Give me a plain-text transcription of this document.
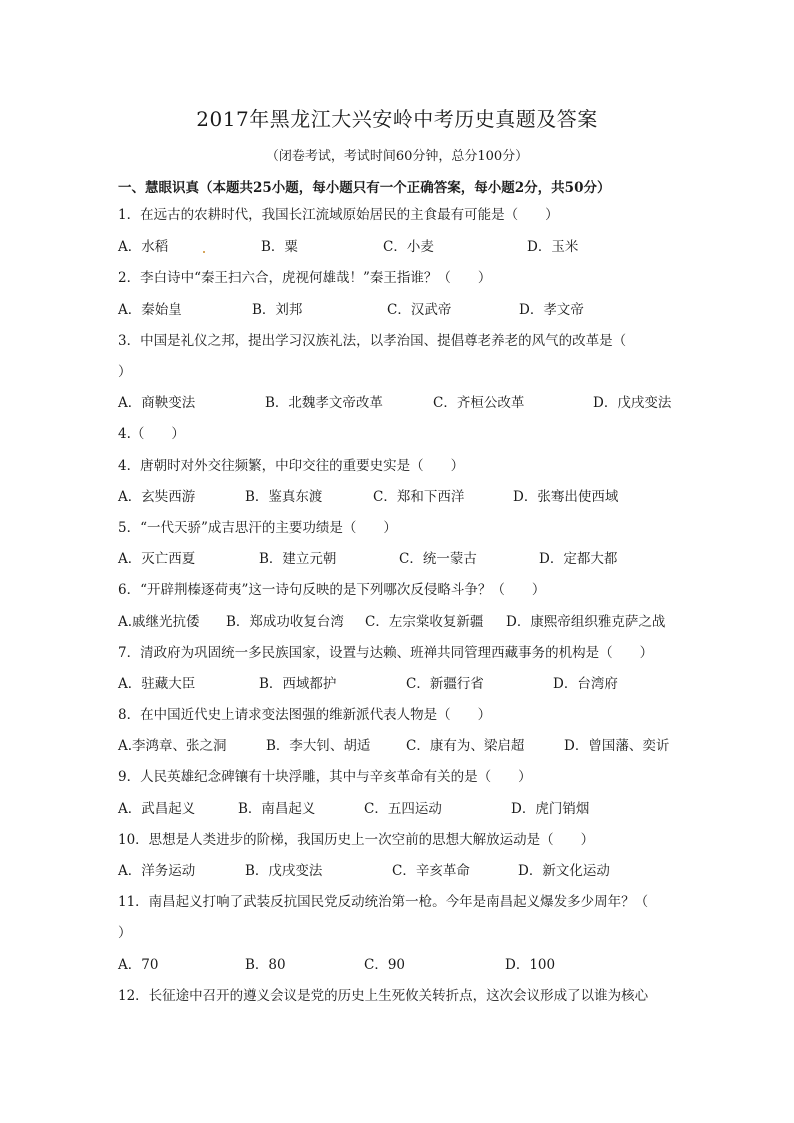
2017年黑龙江大兴安岭中考历史真题及答案
（闭卷考试，考试时间60分钟，总分100分）
一、慧眼识真（本题共25小题，每小题只有一个正确答案，每小题2分，共50分）
1．在远古的农耕时代，我国长江流域原始居民的主食最有可能是（　　）
A．水稻	B．粟	C．小麦	D．玉米
2．李白诗中“秦王扫六合，虎视何雄哉！”秦王指谁？（　　）
A．秦始皇	B．刘邦	C．汉武帝	D．孝文帝
3．中国是礼仪之邦，提出学习汉族礼法，以孝治国、提倡尊老养老的风气的改革是（
）
A．商鞅变法	B．北魏孝文帝改革	C．齐桓公改革	D．戊戌变法
4.（　　）
4．唐朝时对外交往频繁，中印交往的重要史实是（　　）
A．玄奘西游	B．鉴真东渡	C．郑和下西洋	D．张骞出使西域
5．“一代天骄”成吉思汗的主要功绩是（　　）
A．灭亡西夏	B．建立元朝	C．统一蒙古	D．定都大都
6．“开辟荆榛逐荷夷”这一诗句反映的是下列哪次反侵略斗争？（　　）
A.戚继光抗倭 B．郑成功收复台湾 C．左宗棠收复新疆 D．康熙帝组织雅克萨之战
7．清政府为巩固统一多民族国家，设置与达赖、班禅共同管理西藏事务的机构是（　　）
A．驻藏大臣	B．西域都护	C．新疆行省	D．台湾府
8．在中国近代史上请求变法图强的维新派代表人物是（　　）
A.李鸿章、张之洞	B．李大钊、胡适	C．康有为、梁启超	D．曾国藩、奕䜣
9．人民英雄纪念碑镶有十块浮雕，其中与辛亥革命有关的是（　　）
A．武昌起义	B．南昌起义	C．五四运动	D．虎门销烟
10．思想是人类进步的阶梯，我国历史上一次空前的思想大解放运动是（　　）
A．洋务运动	B．戊戌变法	C．辛亥革命	D．新文化运动
11．南昌起义打响了武装反抗国民党反动统治第一枪。今年是南昌起义爆发多少周年？（
）
A．70	B．80	C．90	D．100
12．长征途中召开的遵义会议是党的历史上生死攸关转折点，这次会议形成了以谁为核心
